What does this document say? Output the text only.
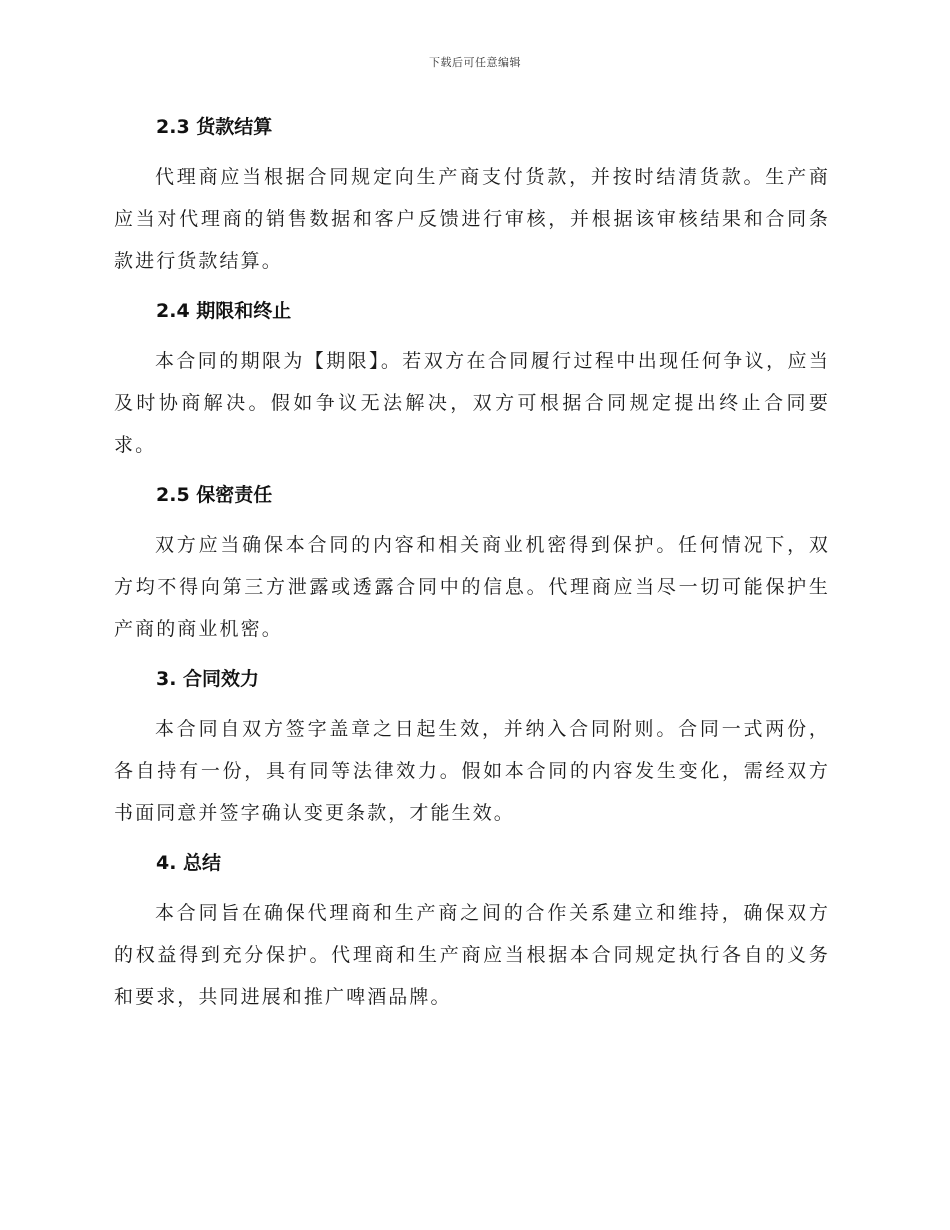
下载后可任意编辑
2.3 货款结算

代理商应当根据合同规定向生产商支付货款，并按时结清货款。生产商应当对代理商的销售数据和客户反馈进行审核，并根据该审核结果和合同条款进行货款结算。

2.4 期限和终止

本合同的期限为【期限】。若双方在合同履行过程中出现任何争议，应当及时协商解决。假如争议无法解决，双方可根据合同规定提出终止合同要求。

2.5 保密责任

双方应当确保本合同的内容和相关商业机密得到保护。任何情况下，双方均不得向第三方泄露或透露合同中的信息。代理商应当尽一切可能保护生产商的商业机密。

3. 合同效力

本合同自双方签字盖章之日起生效，并纳入合同附则。合同一式两份，各自持有一份，具有同等法律效力。假如本合同的内容发生变化，需经双方书面同意并签字确认变更条款，才能生效。

4. 总结

本合同旨在确保代理商和生产商之间的合作关系建立和维持，确保双方的权益得到充分保护。代理商和生产商应当根据本合同规定执行各自的义务和要求，共同进展和推广啤酒品牌。
